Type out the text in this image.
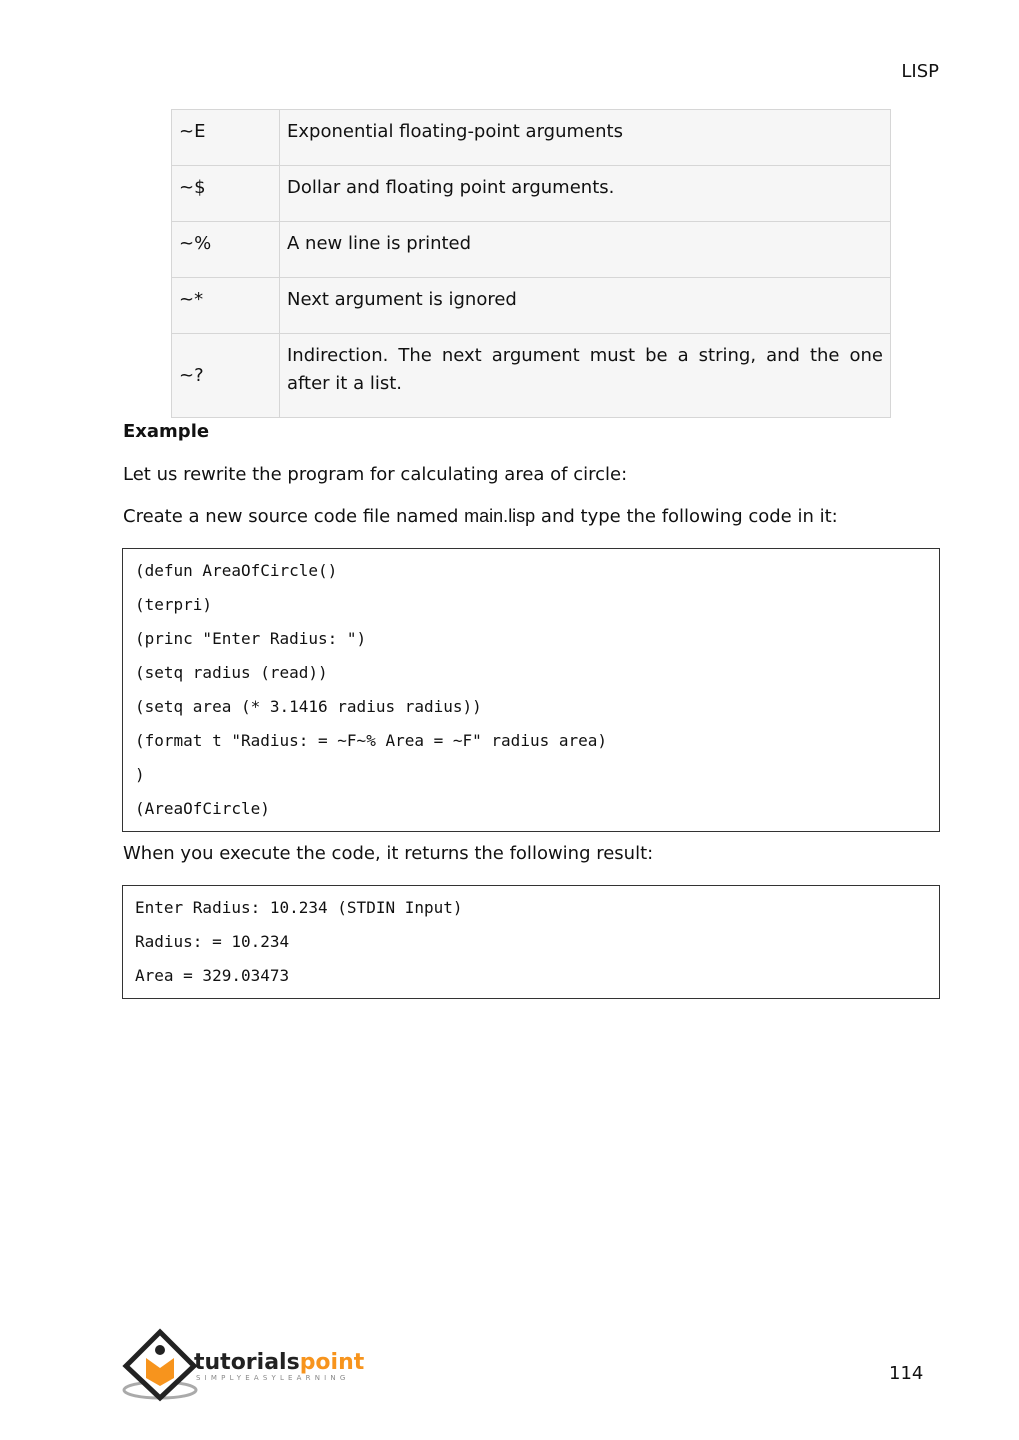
LISP
~E	Exponential floating-point arguments
~$	Dollar and floating point arguments.
~%	A new line is printed
~*	Next argument is ignored
~?	Indirection. The next argument must be a string, and the one after it a list.
Example
Let us rewrite the program for calculating area of circle:
Create a new source code file named main.lisp and type the following code in it:
(defun AreaOfCircle()
(terpri)
(princ "Enter Radius: ")
(setq radius (read))
(setq area (* 3.1416 radius radius))
(format t "Radius: = ~F~% Area = ~F" radius area)
)
(AreaOfCircle)
When you execute the code, it returns the following result:
Enter Radius: 10.234 (STDIN Input)
Radius: = 10.234
Area = 329.03473
tutorialspoint
SIMPLYEASYLEARNING	114
